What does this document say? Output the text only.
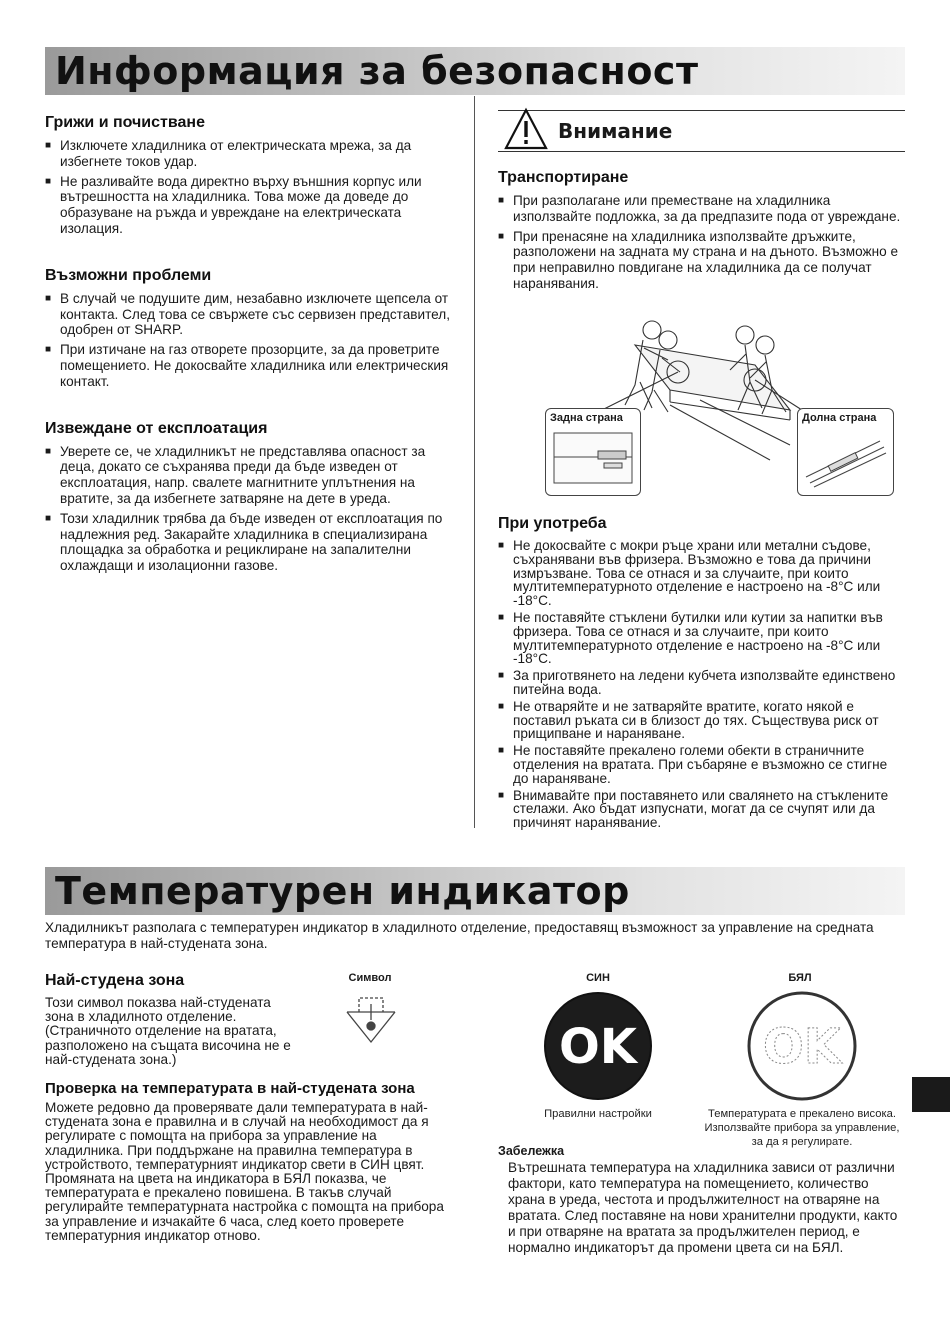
Информация за безопасност
Грижи и почистване
■ Изключете хладилника от електрическата мрежа, за да избегнете токов удар.
■ Не разливайте вода директно върху външния корпус или вътрешността на хладилника. Това може да доведе до образуване на ръжда и увреждане на електрическата изолация.
Възможни проблеми
■ В случай че подушите дим, незабавно изключете щепсела от контакта. След това се свържете със сервизен представител, одобрен от SHARP.
■ При изтичане на газ отворете прозорците, за да проветрите помещението. Не докосвайте хладилника или електрическия контакт.
Извеждане от експлоатация
■ Уверете се, че хладилникът не представлява опасност за деца, докато се съхранява преди да бъде изведен от експлоатация, напр. свалете магнитните уплътнения на вратите, за да избегнете затваряне на дете в уреда.
■ Този хладилник трябва да бъде изведен от експлоатация по надлежния ред. Закарайте хладилника в специализирана площадка за обработка и рециклиране на запалителни охлаждащи и изолационни газове.
Внимание
Транспортиране
■ При разполагане или преместване на хладилника използвайте подложка, за да предпазите пода от увреждане.
■ При пренасяне на хладилника използвайте дръжките, разположени на задната му страна и на дъното. Възможно е при неправилно повдигане на хладилника да се получат наранявания.
Задна страна	Долна страна
При употреба
■ Не докосвайте с мокри ръце храни или метални съдове, съхранявани във фризера. Възможно е това да причини измръзване. Това се отнася и за случаите, при които мултитемпературното отделение е настроено на -8°C или -18°C.
■ Не поставяйте стъклени бутилки или кутии за напитки във фризера. Това се отнася и за случаите, при които мултитемпературното отделение е настроено на -8°C или -18°C.
■ За приготвянето на ледени кубчета използвайте единствено питейна вода.
■ Не отваряйте и не затваряйте вратите, когато някой е поставил ръката си в близост до тях. Съществува риск от прищипване и нараняване.
■ Не поставяйте прекалено големи обекти в страничните отделения на вратата. При събаряне е възможно се стигне до нараняване.
■ Внимавайте при поставянето или свалянето на стъклените стелажи. Ако бъдат изпуснати, могат да се счупят или да причинят наранявание.
Температурен индикатор
Хладилникът разполага с температурен индикатор в хладилното отделение, предоставящ възможност за управление на средната температура в най-студената зона.
Най-студена зона
Този символ показва най-студената зона в хладилното отделение. (Страничното отделение на вратата, разположено на същата височина не е най-студената зона.)
Символ
Проверка на температурата в най-студената зона
Можете редовно да проверявате дали температурата в най-студената зона е правилна и в случай на необходимост да я регулирате с помощта на прибора за управление на хладилника. При поддържане на правилна температура в устройството, температурният индикатор свети в СИН цвят. Промяната на цвета на индикатора в БЯЛ показва, че температурата е прекалено повишена. В такъв случай регулирайте температурната настройка с помощта на прибора за управление и изчакайте 6 часа, след което проверете температурния индикатор отново.
СИН
OK
Правилни настройки
БЯЛ
OK
Температурата е прекалено висока. Използвайте прибора за управление, за да я регулирате.
Забележка
Вътрешната температура на хладилника зависи от различни фактори, като температура на помещението, количество храна в уреда, честота и продължителност на отваряне на вратата. След поставяне на нови хранителни продукти, както и при отваряне на вратата за продължителен период, е нормално индикаторът да промени цвета си на БЯЛ.
